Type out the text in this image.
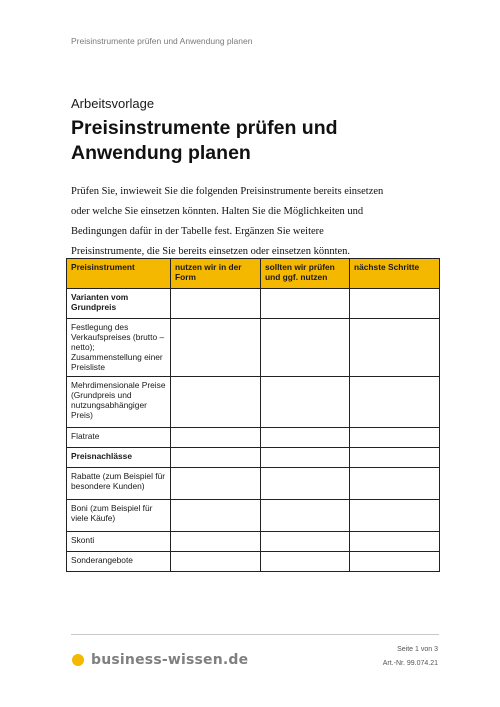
Preisinstrumente prüfen und Anwendung planen
Arbeitsvorlage
Preisinstrumente prüfen und
Anwendung planen

Prüfen Sie, inwieweit Sie die folgenden Preisinstrumente bereits einsetzen
oder welche Sie einsetzen könnten. Halten Sie die Möglichkeiten und
Bedingungen dafür in der Tabelle fest. Ergänzen Sie weitere
Preisinstrumente, die Sie bereits einsetzen oder einsetzen könnten.

Preisinstrument	nutzen wir in der Form	sollten wir prüfen und ggf. nutzen	nächste Schritte
Varianten vom Grundpreis			
Festlegung des Verkaufspreises (brutto – netto); Zusammenstellung einer Preisliste			
Mehrdimensionale Preise (Grundpreis und nutzungsabhängiger Preis)			
Flatrate			
Preisnachlässe			
Rabatte (zum Beispiel für besondere Kunden)			
Boni (zum Beispiel für viele Käufe)			
Skonti			
Sonderangebote			
business-wissen.de
Seite 1 von 3
Art.-Nr. 99.074.21
